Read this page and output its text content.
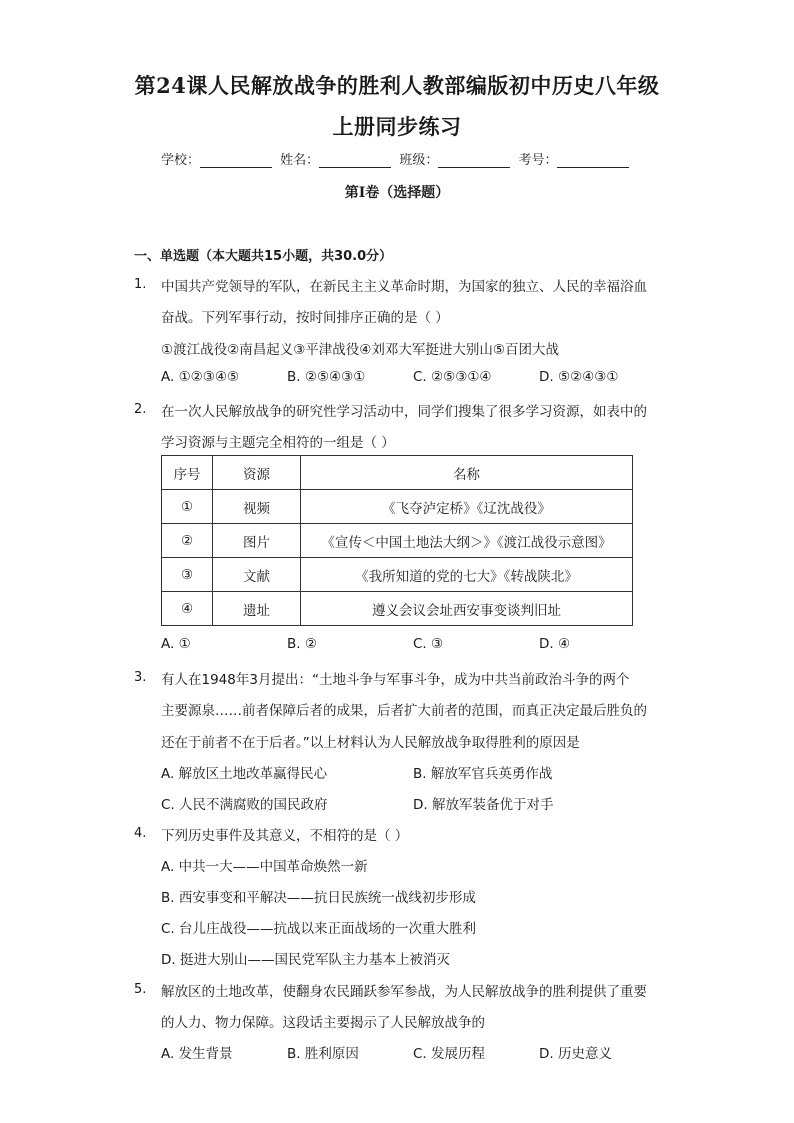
第24课人民解放战争的胜利人教部编版初中历史八年级
上册同步练习
学校：	姓名：	班级：	考号：
第I卷（选择题）
一、单选题（本大题共15小题，共30.0分）
1. 中国共产党领导的军队，在新民主主义革命时期，为国家的独立、人民的幸福浴血
奋战。下列军事行动，按时间排序正确的是（ ）
①渡江战役②南昌起义③平津战役④刘邓大军挺进大别山⑤百团大战
A. ①②③④⑤	B. ②⑤④③①	C. ②⑤③①④	D. ⑤②④③①
2. 在一次人民解放战争的研究性学习活动中，同学们搜集了很多学习资源，如表中的
学习资源与主题完全相符的一组是（ ）
序号	资源	名称
①	视频	《飞夺泸定桥》《辽沈战役》
②	图片	《宣传＜中国土地法大纲＞》《渡江战役示意图》
③	文献	《我所知道的党的七大》《转战陕北》
④	遗址	遵义会议会址西安事变谈判旧址
A. ①	B. ②	C. ③	D. ④
3. 有人在1948年3月提出：“土地斗争与军事斗争，成为中共当前政治斗争的两个
主要源泉……前者保障后者的成果，后者扩大前者的范围，而真正决定最后胜负的
还在于前者不在于后者。”以上材料认为人民解放战争取得胜利的原因是
A. 解放区土地改革赢得民心	B. 解放军官兵英勇作战
C. 人民不满腐败的国民政府	D. 解放军装备优于对手
4. 下列历史事件及其意义，不相符的是（ ）
A. 中共一大——中国革命焕然一新
B. 西安事变和平解决——抗日民族统一战线初步形成
C. 台儿庄战役——抗战以来正面战场的一次重大胜利
D. 挺进大别山——国民党军队主力基本上被消灭
5. 解放区的土地改革，使翻身农民踊跃参军参战，为人民解放战争的胜利提供了重要
的人力、物力保障。这段话主要揭示了人民解放战争的
A. 发生背景	B. 胜利原因	C. 发展历程	D. 历史意义
